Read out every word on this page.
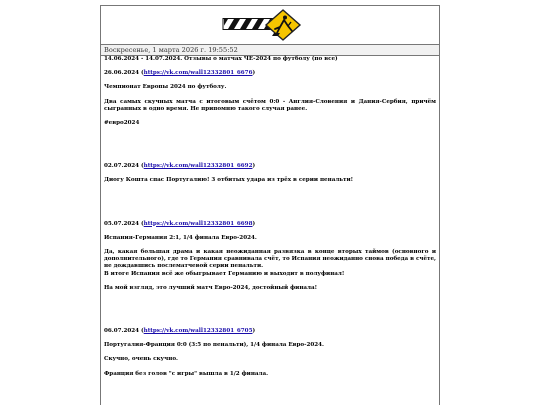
Воскресенье, 1 марта 2026 г. 19:55:52

14.06.2024 - 14.07.2024. Отзывы о матчах ЧЕ-2024 по футболу (по все)

26.06.2024 (https://vk.com/wall12332801_6676)

Чемпионат Европы 2024 по футболу.

Два самых скучных матча с итоговым счётом 0:0 - Англия-Словения и Дания-Сербия, причём сыгранных в одно время. Не припомню такого случая ранее.

#евро2024

02.07.2024 (https://vk.com/wall12332801_6692)

Диогу Кошта спас Португалию! 3 отбитых удара из трёх в серии пенальти!

05.07.2024 (https://vk.com/wall12332801_6698)

Испания-Германия 2:1, 1/4 финала Евро-2024.

Да, какая большая драма и какая неожиданная развязка в конце вторых таймов (основного и дополнительного), где то Германия сравнивала счёт, то Испания неожиданно снова победа в счёте, не дождавшись послематчевой серии пенальти.

В итоге Испания всё же обыгрывает Германию и выходит в полуфинал!

На мой взгляд, это лучший матч Евро-2024, достойный финала!

06.07.2024 (https://vk.com/wall12332801_6705)

Португалия-Франция 0:0 (3:5 по пенальти), 1/4 финала Евро-2024.

Скучно, очень скучно.

Франция без голов "с игры" вышла в 1/2 финала.
